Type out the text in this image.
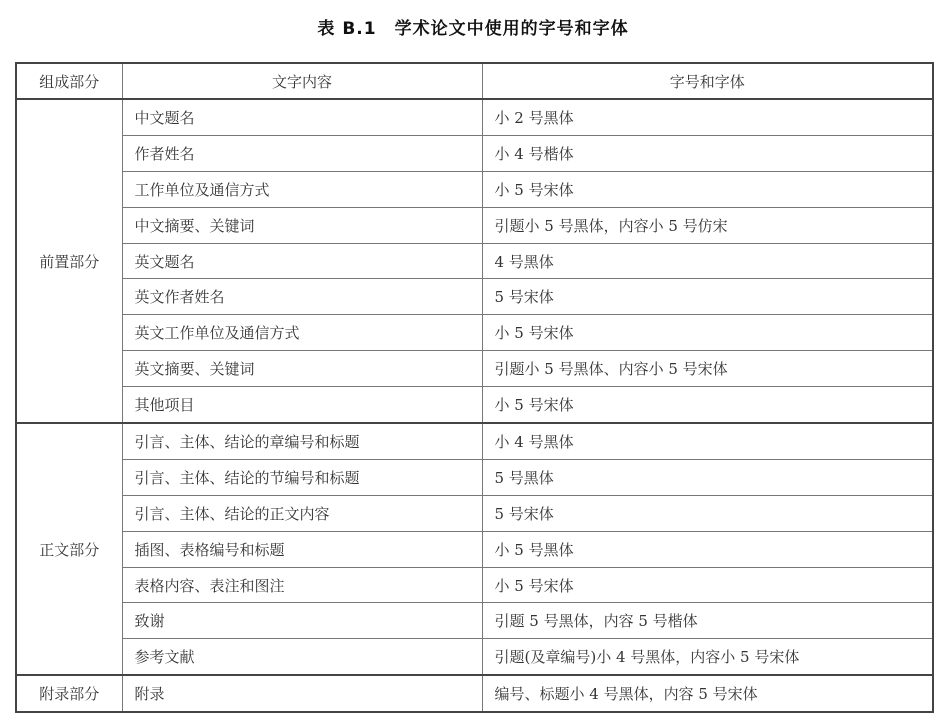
表 B.1　学术论文中使用的字号和字体
组成部分	文字内容	字号和字体
前置部分	中文题名	小 2 号黑体
	作者姓名	小 4 号楷体
	工作单位及通信方式	小 5 号宋体
	中文摘要、关键词	引题小 5 号黑体，内容小 5 号仿宋
	英文题名	4 号黑体
	英文作者姓名	5 号宋体
	英文工作单位及通信方式	小 5 号宋体
	英文摘要、关键词	引题小 5 号黑体、内容小 5 号宋体
	其他项目	小 5 号宋体
正文部分	引言、主体、结论的章编号和标题	小 4 号黑体
	引言、主体、结论的节编号和标题	5 号黑体
	引言、主体、结论的正文内容	5 号宋体
	插图、表格编号和标题	小 5 号黑体
	表格内容、表注和图注	小 5 号宋体
	致谢	引题 5 号黑体，内容 5 号楷体
	参考文献	引题(及章编号)小 4 号黑体，内容小 5 号宋体
附录部分	附录	编号、标题小 4 号黑体，内容 5 号宋体
